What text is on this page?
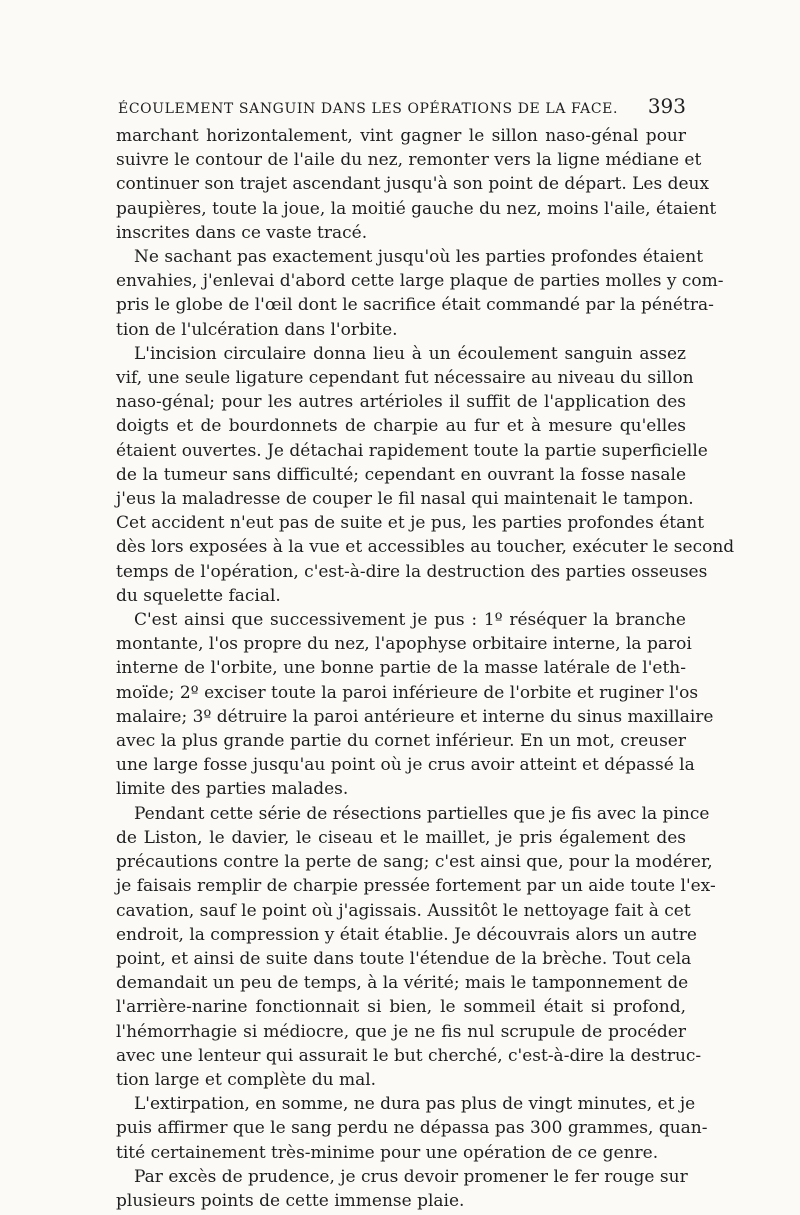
ÉCOULEMENT SANGUIN DANS LES OPÉRATIONS DE LA FACE. 393
marchant horizontalement, vint gagner le sillon naso-génal pour
suivre le contour de l'aile du nez, remonter vers la ligne médiane et
continuer son trajet ascendant jusqu'à son point de départ. Les deux
paupières, toute la joue, la moitié gauche du nez, moins l'aile, étaient
inscrites dans ce vaste tracé.
Ne sachant pas exactement jusqu'où les parties profondes étaient
envahies, j'enlevai d'abord cette large plaque de parties molles y com-
pris le globe de l'œil dont le sacrifice était commandé par la pénétra-
tion de l'ulcération dans l'orbite.
L'incision circulaire donna lieu à un écoulement sanguin assez
vif, une seule ligature cependant fut nécessaire au niveau du sillon
naso-génal; pour les autres artérioles il suffit de l'application des
doigts et de bourdonnets de charpie au fur et à mesure qu'elles
étaient ouvertes. Je détachai rapidement toute la partie superficielle
de la tumeur sans difficulté; cependant en ouvrant la fosse nasale
j'eus la maladresse de couper le fil nasal qui maintenait le tampon.
Cet accident n'eut pas de suite et je pus, les parties profondes étant
dès lors exposées à la vue et accessibles au toucher, exécuter le second
temps de l'opération, c'est-à-dire la destruction des parties osseuses
du squelette facial.
C'est ainsi que successivement je pus : 1º réséquer la branche
montante, l'os propre du nez, l'apophyse orbitaire interne, la paroi
interne de l'orbite, une bonne partie de la masse latérale de l'eth-
moïde; 2º exciser toute la paroi inférieure de l'orbite et ruginer l'os
malaire; 3º détruire la paroi antérieure et interne du sinus maxillaire
avec la plus grande partie du cornet inférieur. En un mot, creuser
une large fosse jusqu'au point où je crus avoir atteint et dépassé la
limite des parties malades.
Pendant cette série de résections partielles que je fis avec la pince
de Liston, le davier, le ciseau et le maillet, je pris également des
précautions contre la perte de sang; c'est ainsi que, pour la modérer,
je faisais remplir de charpie pressée fortement par un aide toute l'ex-
cavation, sauf le point où j'agissais. Aussitôt le nettoyage fait à cet
endroit, la compression y était établie. Je découvrais alors un autre
point, et ainsi de suite dans toute l'étendue de la brèche. Tout cela
demandait un peu de temps, à la vérité; mais le tamponnement de
l'arrière-narine fonctionnait si bien, le sommeil était si profond,
l'hémorrhagie si médiocre, que je ne fis nul scrupule de procéder
avec une lenteur qui assurait le but cherché, c'est-à-dire la destruc-
tion large et complète du mal.
L'extirpation, en somme, ne dura pas plus de vingt minutes, et je
puis affirmer que le sang perdu ne dépassa pas 300 grammes, quan-
tité certainement très-minime pour une opération de ce genre.
Par excès de prudence, je crus devoir promener le fer rouge sur
plusieurs points de cette immense plaie.
